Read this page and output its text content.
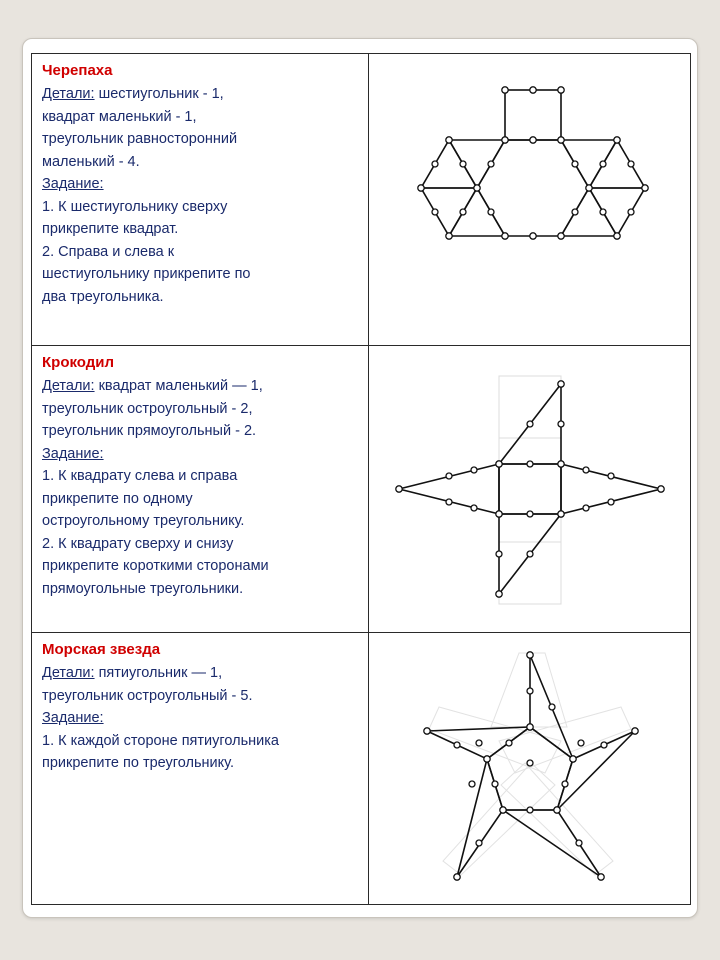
Черепаха
Детали: шестиугольник - 1,
квадрат маленький - 1,
треугольник равносторонний
маленький - 4.
Задание:
1. К шестиугольнику сверху
прикрепите квадрат.
2. Справа и слева к
шестиугольнику прикрепите по
два треугольника.
Крокодил
Детали: квадрат маленький — 1,
треугольник остроугольный - 2,
треугольник прямоугольный - 2.
Задание:
1. К квадрату слева и справа
прикрепите по одному
остроугольному треугольнику.
2. К квадрату сверху и снизу
прикрепите короткими сторонами
прямоугольные треугольники.
Морская звезда
Детали: пятиугольник — 1,
треугольник остроугольный - 5.
Задание:
1. К каждой стороне пятиугольника
прикрепите по треугольнику.
